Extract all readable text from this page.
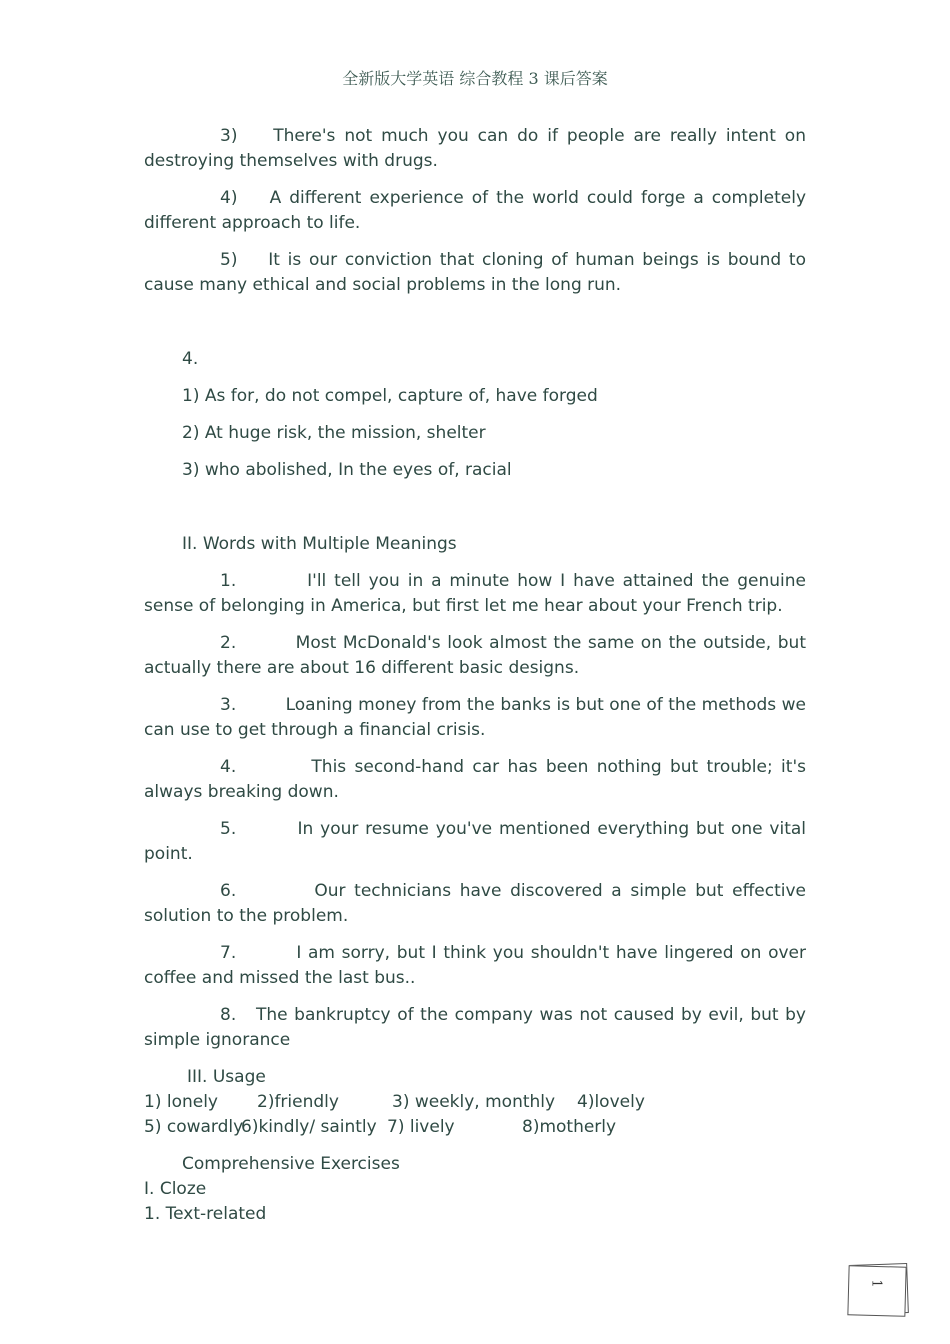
全新版大学英语 综合教程 3 课后答案

3) There's not much you can do if people are really intent on destroying themselves with drugs.

4) A different experience of the world could forge a completely different approach to life.

5) It is our conviction that cloning of human beings is bound to cause many ethical and social problems in the long run.

4.

1) As for, do not compel, capture of, have forged

2) At huge risk, the mission, shelter

3) who abolished, In the eyes of, racial

II. Words with Multiple Meanings

1.	I'll tell you in a minute how I have attained the genuine sense of belonging in America, but first let me hear about your French trip.

2.	Most McDonald's look almost the same on the outside, but actually there are about 16 different basic designs.

3.	Loaning money from the banks is but one of the methods we can use to get through a financial crisis.

4.	This second-hand car has been nothing but trouble; it's always breaking down.

5.	In your resume you've mentioned everything but one vital point.

6.	Our technicians have discovered a simple but effective solution to the problem.

7.	I am sorry, but I think you shouldn't have lingered on over coffee and missed the last bus..

8. The bankruptcy of the company was not caused by evil, but by simple ignorance

III. Usage

1) lonely	2)friendly	3) weekly, monthly	4)lovely
5) cowardly
6)kindly/ saintly 7) lively	8)motherly

Comprehensive Exercises

I. Cloze

1. Text-related

1
